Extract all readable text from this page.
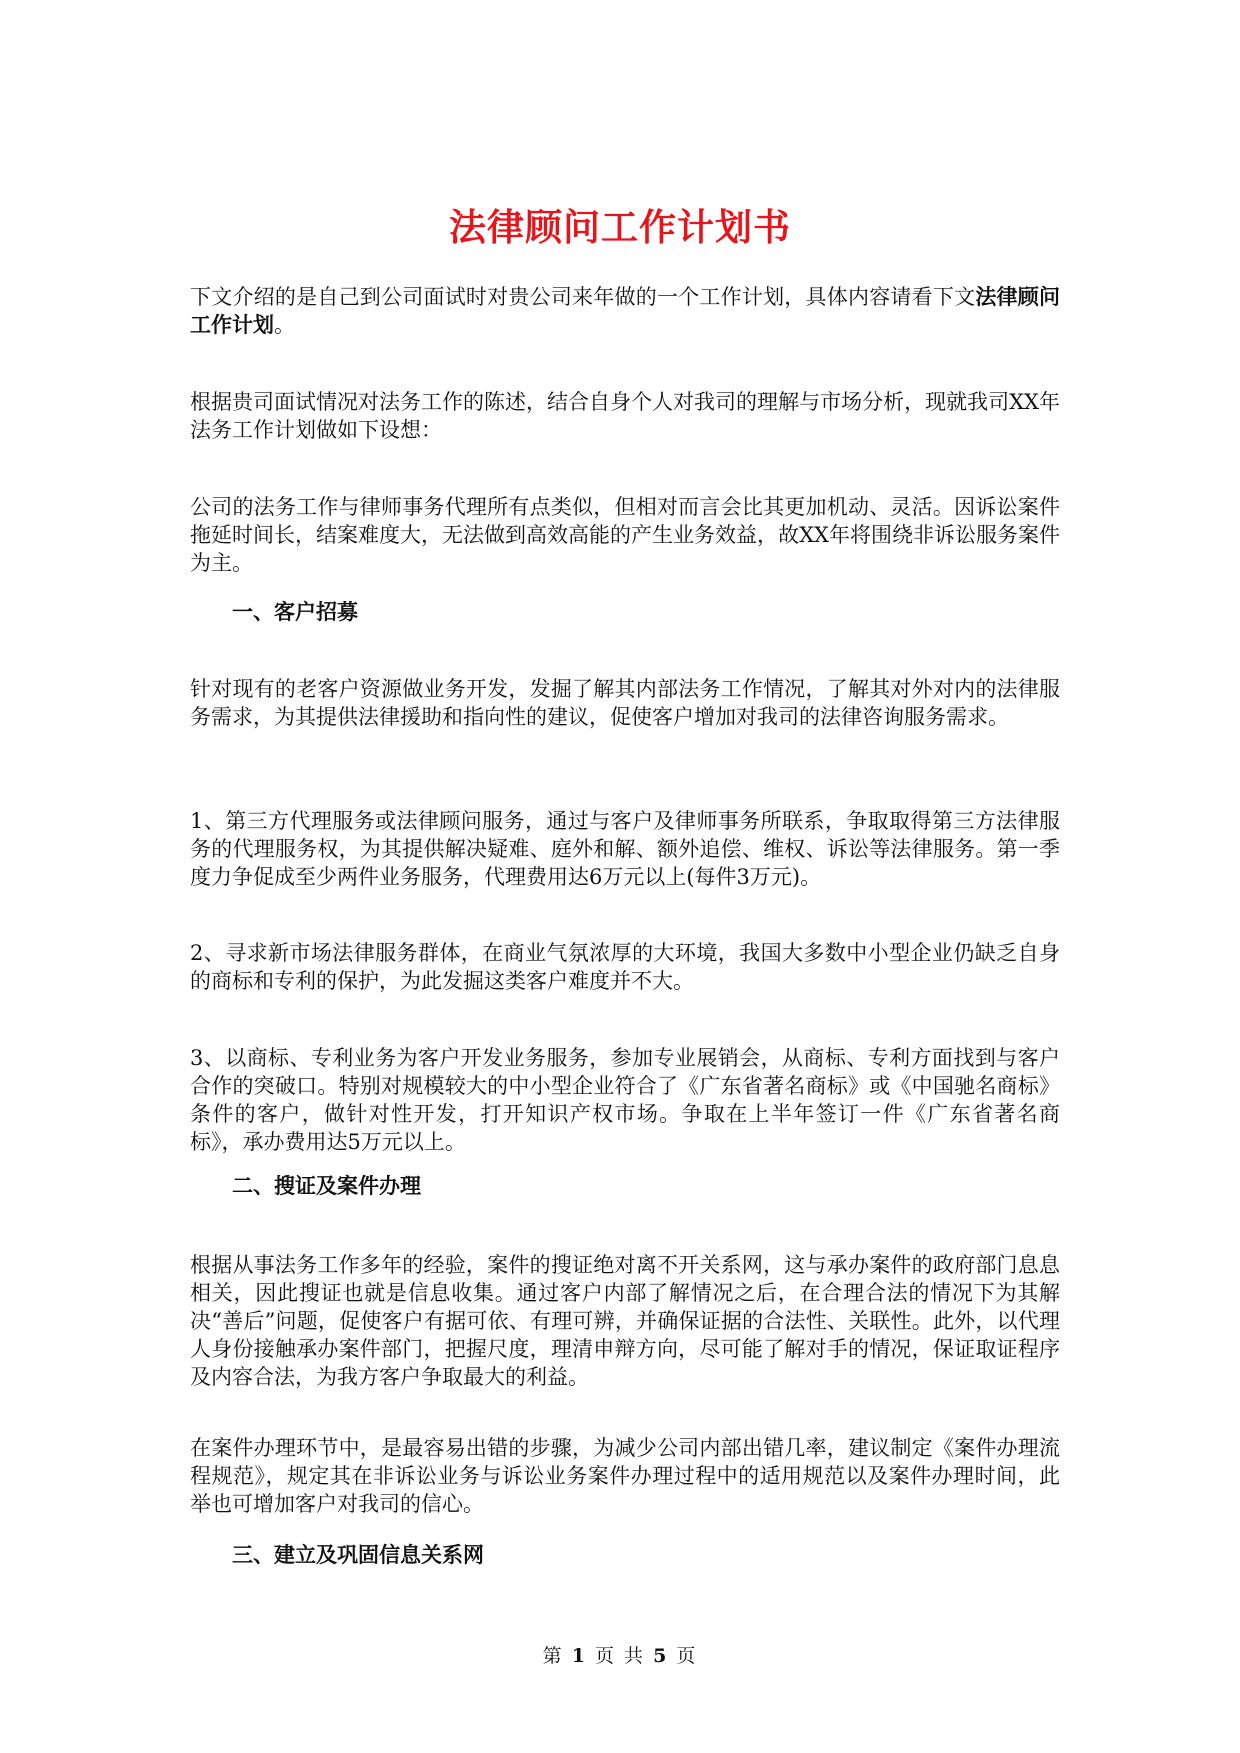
法律顾问工作计划书

下文介绍的是自己到公司面试时对贵公司来年做的一个工作计划，具体内容请看下文法律顾问工作计划。

根据贵司面试情况对法务工作的陈述，结合自身个人对我司的理解与市场分析，现就我司XX年法务工作计划做如下设想：

公司的法务工作与律师事务代理所有点类似，但相对而言会比其更加机动、灵活。因诉讼案件拖延时间长，结案难度大，无法做到高效高能的产生业务效益，故XX年将围绕非诉讼服务案件为主。

一、客户招募

针对现有的老客户资源做业务开发，发掘了解其内部法务工作情况，了解其对外对内的法律服务需求，为其提供法律援助和指向性的建议，促使客户增加对我司的法律咨询服务需求。

1、第三方代理服务或法律顾问服务，通过与客户及律师事务所联系，争取取得第三方法律服务的代理服务权，为其提供解决疑难、庭外和解、额外追偿、维权、诉讼等法律服务。第一季度力争促成至少两件业务服务，代理费用达6万元以上(每件3万元)。

2、寻求新市场法律服务群体，在商业气氛浓厚的大环境，我国大多数中小型企业仍缺乏自身的商标和专利的保护，为此发掘这类客户难度并不大。

3、以商标、专利业务为客户开发业务服务，参加专业展销会，从商标、专利方面找到与客户合作的突破口。特别对规模较大的中小型企业符合了《广东省著名商标》或《中国驰名商标》条件的客户，做针对性开发，打开知识产权市场。争取在上半年签订一件《广东省著名商标》，承办费用达5万元以上。

二、搜证及案件办理

根据从事法务工作多年的经验，案件的搜证绝对离不开关系网，这与承办案件的政府部门息息相关，因此搜证也就是信息收集。通过客户内部了解情况之后，在合理合法的情况下为其解决“善后”问题，促使客户有据可依、有理可辨，并确保证据的合法性、关联性。此外，以代理人身份接触承办案件部门，把握尺度，理清申辩方向，尽可能了解对手的情况，保证取证程序及内容合法，为我方客户争取最大的利益。

在案件办理环节中，是最容易出错的步骤，为减少公司内部出错几率，建议制定《案件办理流程规范》，规定其在非诉讼业务与诉讼业务案件办理过程中的适用规范以及案件办理时间，此举也可增加客户对我司的信心。

三、建立及巩固信息关系网
第 1 页 共 5 页
